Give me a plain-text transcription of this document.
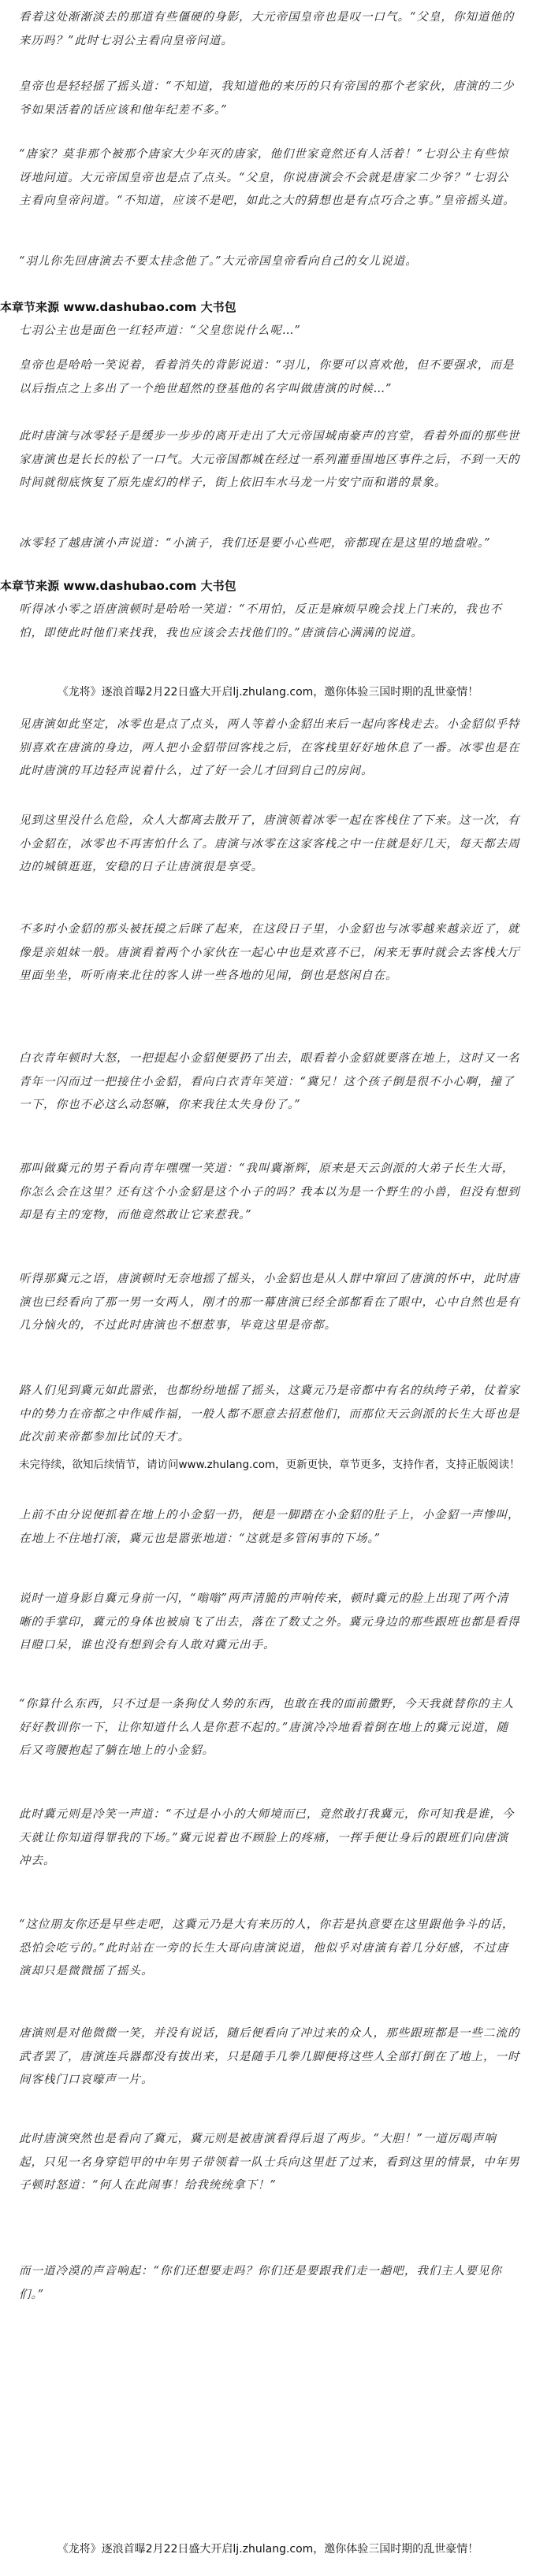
看着这处渐渐淡去的那道有些僵硬的身影，大元帝国皇帝也是叹一口气。“父皇，你知道他的来历吗？”此时七羽公主看向皇帝问道。
皇帝也是轻轻摇了摇头道：“不知道，我知道他的来历的只有帝国的那个老家伙，唐演的二少爷如果活着的话应该和他年纪差不多。”
“唐家？莫非那个被那个唐家大少年灭的唐家，他们世家竟然还有人活着！”七羽公主有些惊讶地问道。大元帝国皇帝也是点了点头。“父皇，你说唐演会不会就是唐家二少爷？”七羽公主看向皇帝问道。“不知道，应该不是吧，如此之大的猜想也是有点巧合之事。”皇帝摇头道。
“羽儿你先回唐演去不要太挂念他了。”大元帝国皇帝看向自己的女儿说道。
本章节来源 www.dashubao.com 大书包
七羽公主也是面色一红轻声道：“父皇您说什么呢…”
皇帝也是哈哈一笑说着，看着消失的背影说道：“羽儿，你要可以喜欢他，但不要强求，而是以后指点之上多出了一个绝世超然的登基他的名字叫做唐演的时候…”
此时唐演与冰零轻子是缓步一步步的离开走出了大元帝国城南豪声的宫堂，看着外面的那些世家唐演也是长长的松了一口气。大元帝国都城在经过一系列灌垂围地区事件之后，不到一天的时间就彻底恢复了原先虚幻的样子，街上依旧车水马龙一片安宁而和谐的景象。
冰零轻了越唐演小声说道：“小演子，我们还是要小心些吧，帝都现在是这里的地盘啦。”
本章节来源 www.dashubao.com 大书包
听得冰小零之语唐演顿时是哈哈一笑道：“不用怕，反正是麻烦早晚会找上门来的，我也不怕，即使此时他们来找我，我也应该会去找他们的。”唐演信心满满的说道。
《龙将》逐浪首曝2月22日盛大开启lj.zhulang.com，邀你体验三国时期的乱世豪情！
见唐演如此坚定，冰零也是点了点头，两人等着小金貂出来后一起向客栈走去。小金貂似乎特别喜欢在唐演的身边，两人把小金貂带回客栈之后，在客栈里好好地休息了一番。冰零也是在此时唐演的耳边轻声说着什么，过了好一会儿才回到自己的房间。
见到这里没什么危险，众人大都离去散开了，唐演领着冰零一起在客栈住了下来。这一次，有小金貂在，冰零也不再害怕什么了。唐演与冰零在这家客栈之中一住就是好几天，每天都去周边的城镇逛逛，安稳的日子让唐演很是享受。
不多时小金貂的那头被抚摸之后眯了起来，在这段日子里，小金貂也与冰零越来越亲近了，就像是亲姐妹一般。唐演看着两个小家伙在一起心中也是欢喜不已，闲来无事时就会去客栈大厅里面坐坐，听听南来北往的客人讲一些各地的见闻，倒也是悠闲自在。
白衣青年顿时大怒，一把提起小金貂便要扔了出去，眼看着小金貂就要落在地上，这时又一名青年一闪而过一把接住小金貂，看向白衣青年笑道：“冀兄！这个孩子倒是很不小心啊，撞了一下，你也不必这么动怒嘛，你来我往太失身份了。”
那叫做冀元的男子看向青年嘿嘿一笑道：“我叫冀渐辉，原来是天云剑派的大弟子长生大哥，你怎么会在这里？还有这个小金貂是这个小子的吗？我本以为是一个野生的小兽，但没有想到却是有主的宠物，而他竟然敢让它来惹我。”
听得那冀元之语，唐演顿时无奈地摇了摇头，小金貂也是从人群中窜回了唐演的怀中，此时唐演也已经看向了那一男一女两人，刚才的那一幕唐演已经全部都看在了眼中，心中自然也是有几分恼火的，不过此时唐演也不想惹事，毕竟这里是帝都。
路人们见到冀元如此嚣张，也都纷纷地摇了摇头，这冀元乃是帝都中有名的纨绔子弟，仗着家中的势力在帝都之中作威作福，一般人都不愿意去招惹他们，而那位天云剑派的长生大哥也是此次前来帝都参加比试的天才。
未完待续，欲知后续情节，请访问www.zhulang.com，更新更快，章节更多，支持作者，支持正版阅读！
上前不由分说便抓着在地上的小金貂一扔，便是一脚踏在小金貂的肚子上，小金貂一声惨叫，在地上不住地打滚，冀元也是嚣张地道：“这就是多管闲事的下场。”
说时一道身影自冀元身前一闪，“嗡嗡”两声清脆的声响传来，顿时冀元的脸上出现了两个清晰的手掌印，冀元的身体也被扇飞了出去，落在了数丈之外。冀元身边的那些跟班也都是看得目瞪口呆，谁也没有想到会有人敢对冀元出手。
“你算什么东西，只不过是一条狗仗人势的东西，也敢在我的面前撒野，今天我就替你的主人好好教训你一下，让你知道什么人是你惹不起的。”唐演冷冷地看着倒在地上的冀元说道，随后又弯腰抱起了躺在地上的小金貂。
此时冀元则是冷笑一声道：“不过是小小的大师境而已，竟然敢打我冀元，你可知我是谁，今天就让你知道得罪我的下场。”冀元说着也不顾脸上的疼痛，一挥手便让身后的跟班们向唐演冲去。
“这位朋友你还是早些走吧，这冀元乃是大有来历的人，你若是执意要在这里跟他争斗的话，恐怕会吃亏的。”此时站在一旁的长生大哥向唐演说道，他似乎对唐演有着几分好感，不过唐演却只是微微摇了摇头。
唐演则是对他微微一笑，并没有说话，随后便看向了冲过来的众人，那些跟班都是一些二流的武者罢了，唐演连兵器都没有拔出来，只是随手几拳几脚便将这些人全部打倒在了地上，一时间客栈门口哀嚎声一片。
此时唐演突然也是看向了冀元，冀元则是被唐演看得后退了两步。“大胆！”一道厉喝声响起，只见一名身穿铠甲的中年男子带领着一队士兵向这里赶了过来，看到这里的情景，中年男子顿时怒道：“何人在此闹事！给我统统拿下！”
而一道冷漠的声音响起：“你们还想要走吗？你们还是要跟我们走一趟吧，我们主人要见你们。”
《龙将》逐浪首曝2月22日盛大开启lj.zhulang.com，邀你体验三国时期的乱世豪情！
